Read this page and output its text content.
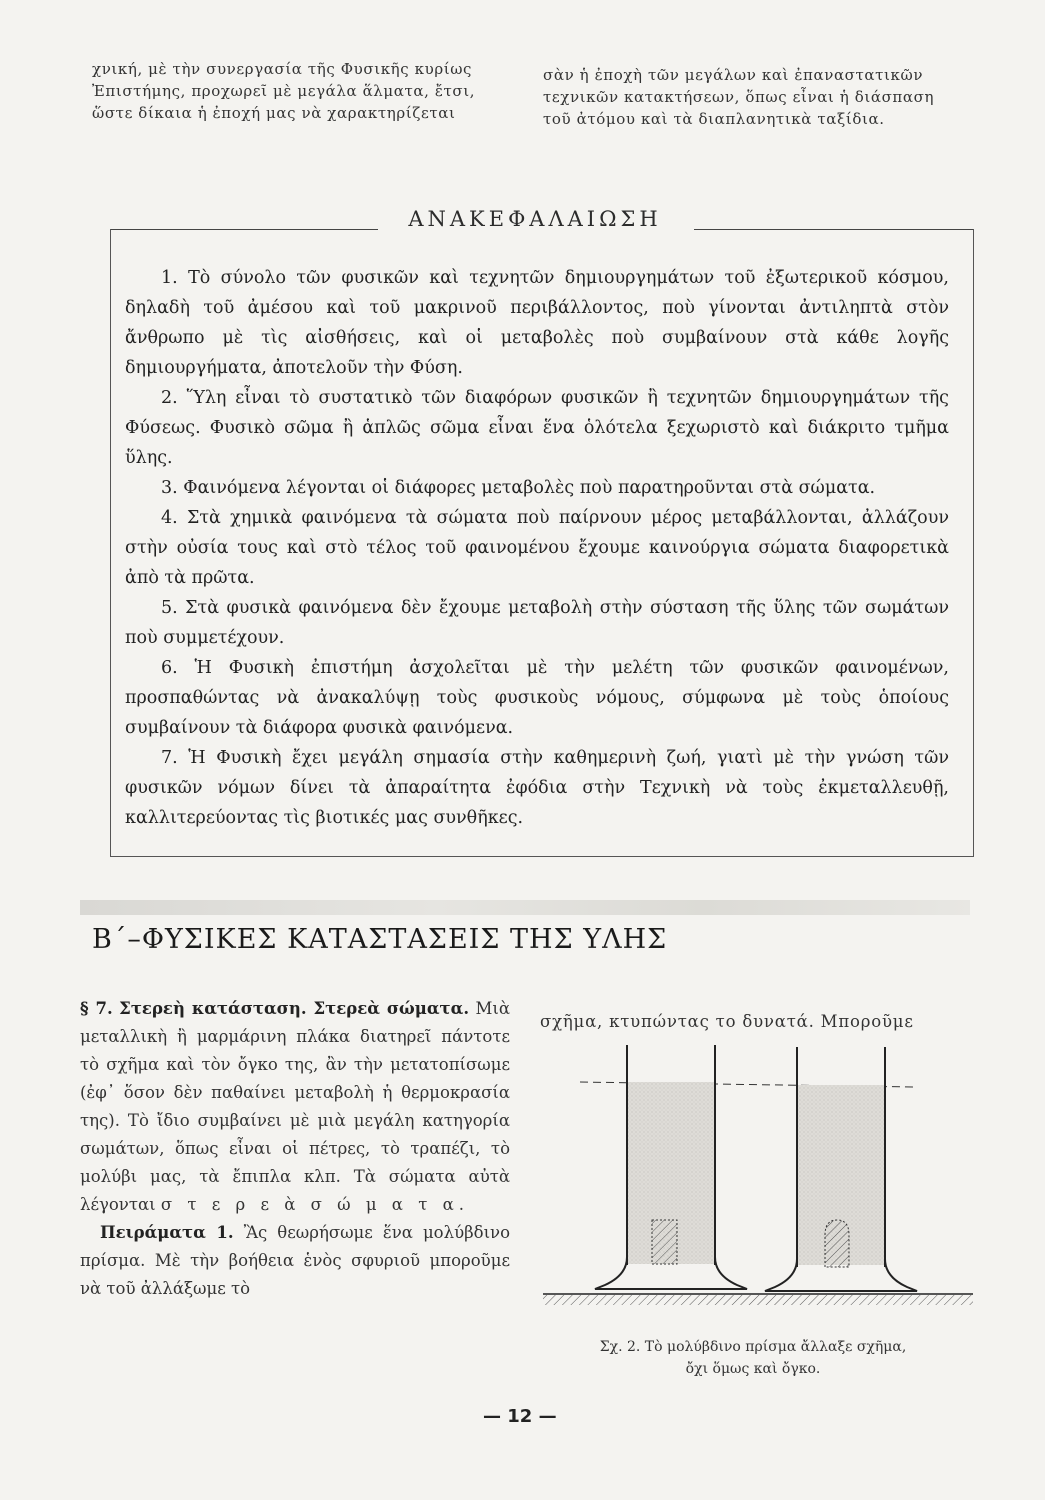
χνική, μὲ τὴν συνεργασία τῆς Φυσικῆς κυρίως
Ἐπιστήμης, προχωρεῖ μὲ μεγάλα ἅλματα, ἔτσι,
ὥστε δίκαια ἡ ἐποχή μας νὰ χαρακτηρίζεται
σὰν ἡ ἐποχὴ τῶν μεγάλων καὶ ἐπαναστατικῶν
τεχνικῶν κατακτήσεων, ὅπως εἶναι ἡ διάσπαση
τοῦ ἀτόμου καὶ τὰ διαπλανητικὰ ταξίδια.
ΑΝΑΚΕΦΑΛΑΙΩΣΗ

1. Τὸ σύνολο τῶν φυσικῶν καὶ τεχνητῶν δημιουργημάτων τοῦ ἐξωτερικοῦ κόσμου, δηλαδὴ τοῦ ἀμέσου καὶ τοῦ μακρινοῦ περιβάλλοντος, ποὺ γίνονται ἀντιληπτὰ στὸν ἄνθρωπο μὲ τὶς αἰσθήσεις, καὶ οἱ μεταβολὲς ποὺ συμβαίνουν στὰ κάθε λογῆς δημιουργήματα, ἀποτελοῦν τὴν Φύση.

2. Ὕλη εἶναι τὸ συστατικὸ τῶν διαφόρων φυσικῶν ἢ τεχνητῶν δημιουργημάτων τῆς Φύσεως. Φυσικὸ σῶμα ἢ ἁπλῶς σῶμα εἶναι ἕνα ὁλότελα ξεχωριστὸ καὶ διάκριτο τμῆμα ὕλης.

3. Φαινόμενα λέγονται οἱ διάφορες μεταβολὲς ποὺ παρατηροῦνται στὰ σώματα.

4. Στὰ χημικὰ φαινόμενα τὰ σώματα ποὺ παίρνουν μέρος μεταβάλλονται, ἀλλάζουν στὴν οὐσία τους καὶ στὸ τέλος τοῦ φαινομένου ἔχουμε καινούργια σώματα διαφορετικὰ ἀπὸ τὰ πρῶτα.

5. Στὰ φυσικὰ φαινόμενα δὲν ἔχουμε μεταβολὴ στὴν σύσταση τῆς ὕλης τῶν σωμάτων ποὺ συμμετέχουν.

6. Ἡ Φυσικὴ ἐπιστήμη ἀσχολεῖται μὲ τὴν μελέτη τῶν φυσικῶν φαινομένων, προσπαθώντας νὰ ἀνακαλύψῃ τοὺς φυσικοὺς νόμους, σύμφωνα μὲ τοὺς ὁποίους συμβαίνουν τὰ διάφορα φυσικὰ φαινόμενα.

7. Ἡ Φυσικὴ ἔχει μεγάλη σημασία στὴν καθημερινὴ ζωή, γιατὶ μὲ τὴν γνώση τῶν φυσικῶν νόμων δίνει τὰ ἀπαραίτητα ἐφόδια στὴν Τεχνικὴ νὰ τοὺς ἐκμεταλλευθῇ, καλλιτερεύοντας τὶς βιοτικές μας συνθῆκες.

Β΄–ΦΥΣΙΚΕΣ ΚΑΤΑΣΤΑΣΕΙΣ ΤΗΣ ΥΛΗΣ

§ 7. Στερεὴ κατάσταση. Στερεὰ σώματα. Μιὰ μεταλλικὴ ἢ μαρμάρινη πλάκα διατηρεῖ πάντοτε τὸ σχῆμα καὶ τὸν ὄγκο της, ἂν τὴν μετατοπίσωμε (ἐφ᾽ ὅσον δὲν παθαίνει μεταβολὴ ἡ θερμοκρασία της). Τὸ ἴδιο συμβαίνει μὲ μιὰ μεγάλη κατηγορία σωμάτων, ὅπως εἶναι οἱ πέτρες, τὸ τραπέζι, τὸ μολύβι μας, τὰ ἔπιπλα κλπ. Τὰ σώματα αὐτὰ λέγονται σ τ ε ρ ε ὰ σ ώ μ α τ α.

Πειράματα 1. Ἂς θεωρήσωμε ἕνα μολύβδινο πρίσμα. Μὲ τὴν βοήθεια ἑνὸς σφυριοῦ μποροῦμε νὰ τοῦ ἀλλάξωμε τὸ

σχῆμα, κτυπώντας το δυνατά. Μποροῦμε
Σχ. 2. Τὸ μολύβδινο πρίσμα ἄλλαξε σχῆμα,
ὄχι ὅμως καὶ ὄγκο.
— 12 —
